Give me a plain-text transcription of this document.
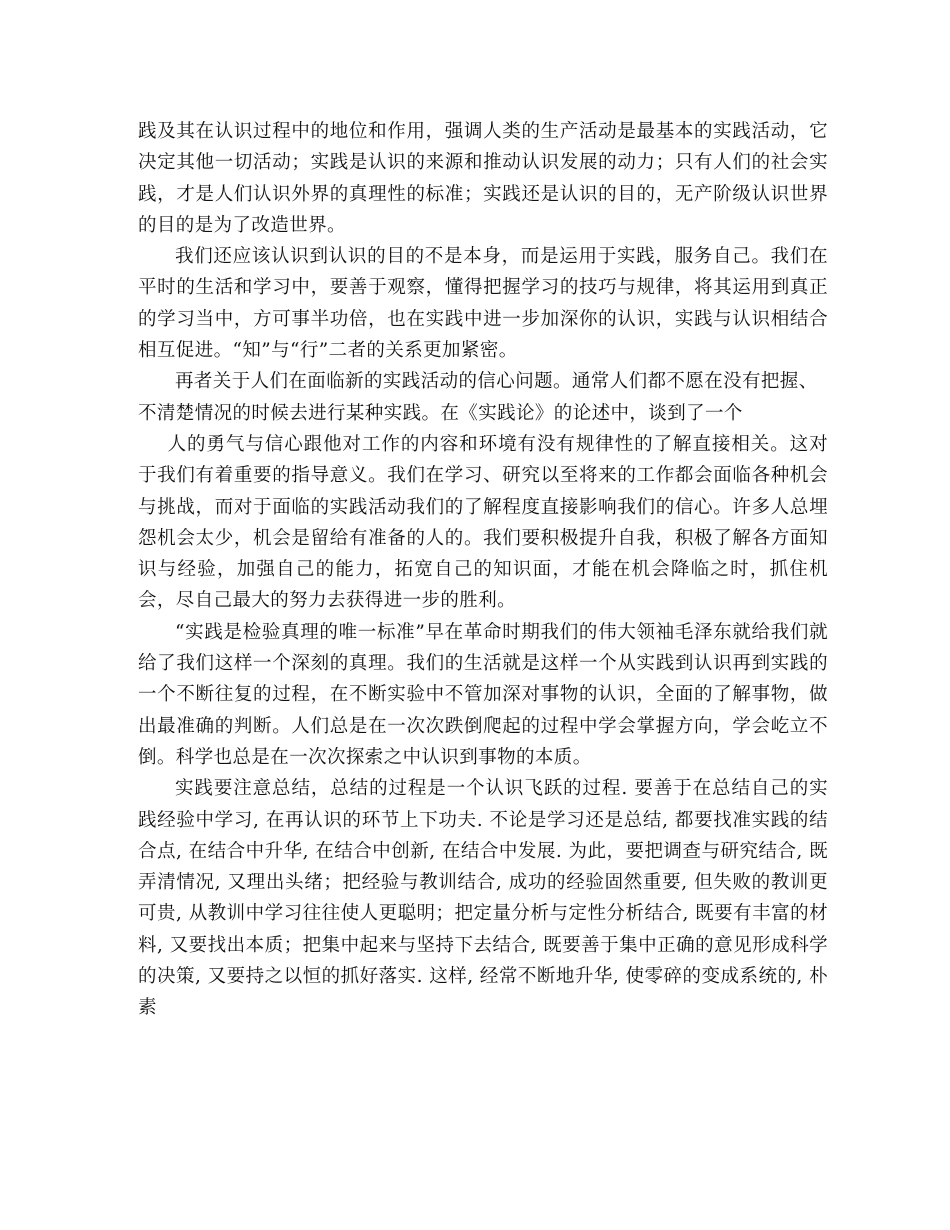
践及其在认识过程中的地位和作用，强调人类的生产活动是最基本的实践活动，它决定其他一切活动；实践是认识的来源和推动认识发展的动力；只有人们的社会实践，才是人们认识外界的真理性的标准；实践还是认识的目的，无产阶级认识世界的目的是为了改造世界。

我们还应该认识到认识的目的不是本身，而是运用于实践，服务自己。我们在平时的生活和学习中，要善于观察，懂得把握学习的技巧与规律，将其运用到真正的学习当中，方可事半功倍，也在实践中进一步加深你的认识，实践与认识相结合相互促进。“知”与“行”二者的关系更加紧密。

再者关于人们在面临新的实践活动的信心问题。通常人们都不愿在没有把握、不清楚情况的时候去进行某种实践。在《实践论》的论述中，谈到了一个

人的勇气与信心跟他对工作的内容和环境有没有规律性的了解直接相关。这对于我们有着重要的指导意义。我们在学习、研究以至将来的工作都会面临各种机会与挑战，而对于面临的实践活动我们的了解程度直接影响我们的信心。许多人总埋怨机会太少，机会是留给有准备的人的。我们要积极提升自我，积极了解各方面知识与经验，加强自己的能力，拓宽自己的知识面，才能在机会降临之时，抓住机会，尽自己最大的努力去获得进一步的胜利。

“实践是检验真理的唯一标准”早在革命时期我们的伟大领袖毛泽东就给我们就给了我们这样一个深刻的真理。我们的生活就是这样一个从实践到认识再到实践的一个不断往复的过程，在不断实验中不管加深对事物的认识，全面的了解事物，做出最准确的判断。人们总是在一次次跌倒爬起的过程中学会掌握方向，学会屹立不倒。科学也总是在一次次探索之中认识到事物的本质。

实践要注意总结，总结的过程是一个认识飞跃的过程. 要善于在总结自己的实践经验中学习, 在再认识的环节上下功夫. 不论是学习还是总结, 都要找准实践的结合点, 在结合中升华, 在结合中创新, 在结合中发展. 为此，要把调查与研究结合, 既弄清情况, 又理出头绪；把经验与教训结合, 成功的经验固然重要, 但失败的教训更可贵, 从教训中学习往往使人更聪明；把定量分析与定性分析结合, 既要有丰富的材料, 又要找出本质；把集中起来与坚持下去结合, 既要善于集中正确的意见形成科学的决策, 又要持之以恒的抓好落实. 这样, 经常不断地升华, 使零碎的变成系统的, 朴素
